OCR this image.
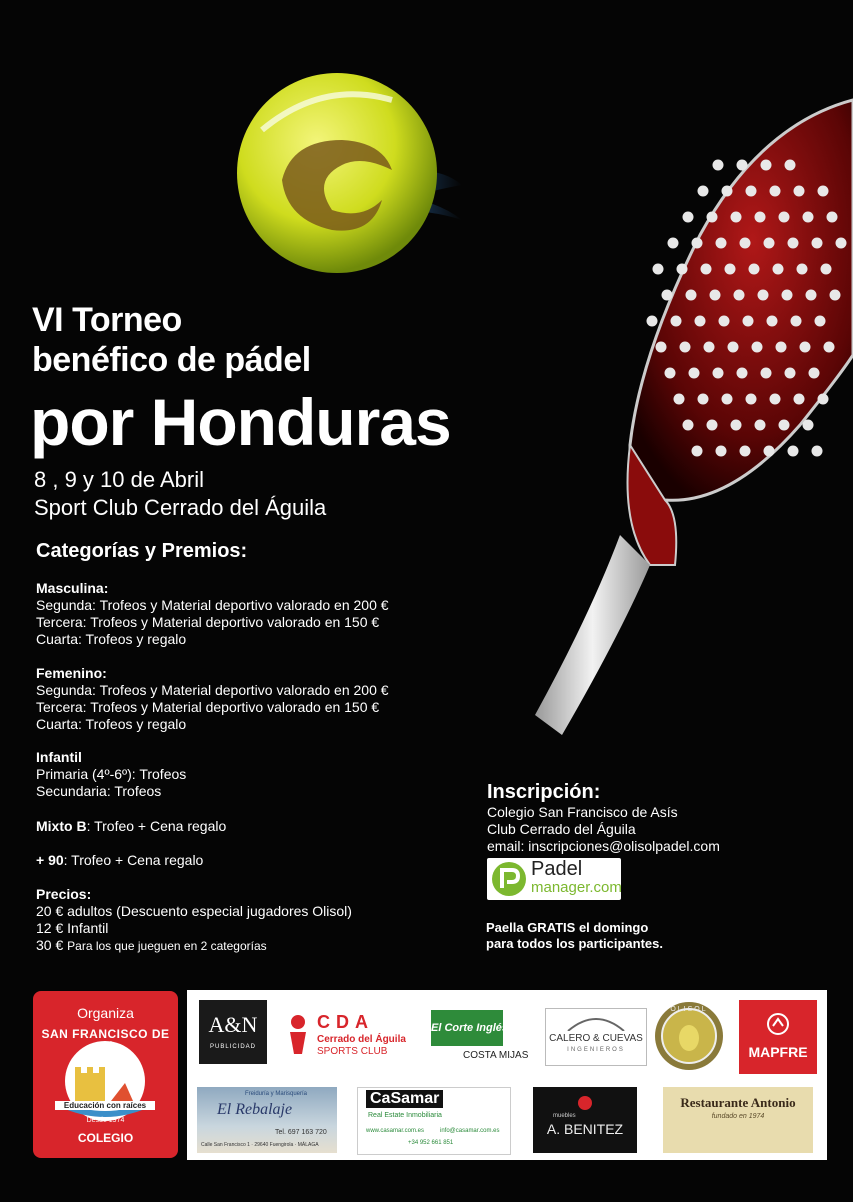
VI Torneo
benéfico de pádel
por Honduras
8 , 9 y 10 de Abril
Sport Club Cerrado del Águila
Categorías y Premios:
Masculina:
Segunda: Trofeos y Material deportivo valorado en 200 €
Tercera: Trofeos y Material deportivo valorado en 150 €
Cuarta: Trofeos y regalo
Femenino:
Segunda: Trofeos y Material deportivo valorado en 200 €
Tercera: Trofeos y Material deportivo valorado en 150 €
Cuarta: Trofeos y regalo
Infantil
Primaria (4º-6º): Trofeos
Secundaria: Trofeos
Mixto B: Trofeo + Cena regalo
+ 90: Trofeo + Cena regalo
Precios:
20 € adultos (Descuento especial jugadores Olisol)
12 € Infantil
30 € Para los que jueguen en 2 categorías
Inscripción:
Colegio San Francisco de Asís
Club Cerrado del Águila
email: inscripciones@olisolpadel.com
Padel
manager.com
Paella GRATIS el domingo
para todos los participantes.
Organiza
SAN FRANCISCO DE ASÍS
Educación con raíces
Desde 1974
COLEGIO
A&N
PUBLICIDAD
CDA
Cerrado del Águila
SPORTS CLUB
El Corte Inglés
COSTA MIJAS
CALERO & CUEVAS
INGENIEROS
OLISOL
MAPFRE
Freiduría y Marisquería
El Rebalaje
Tel. 697 163 720
Calle San Francisco 1 · 29640 Fuengirola · MÁLAGA
CaSamar
Real Estate Inmobiliaria
www.casamar.com.es	info@casamar.com.es
+34 952 661 851
muebles
A. BENITEZ
Restaurante Antonio
fundado en 1974
